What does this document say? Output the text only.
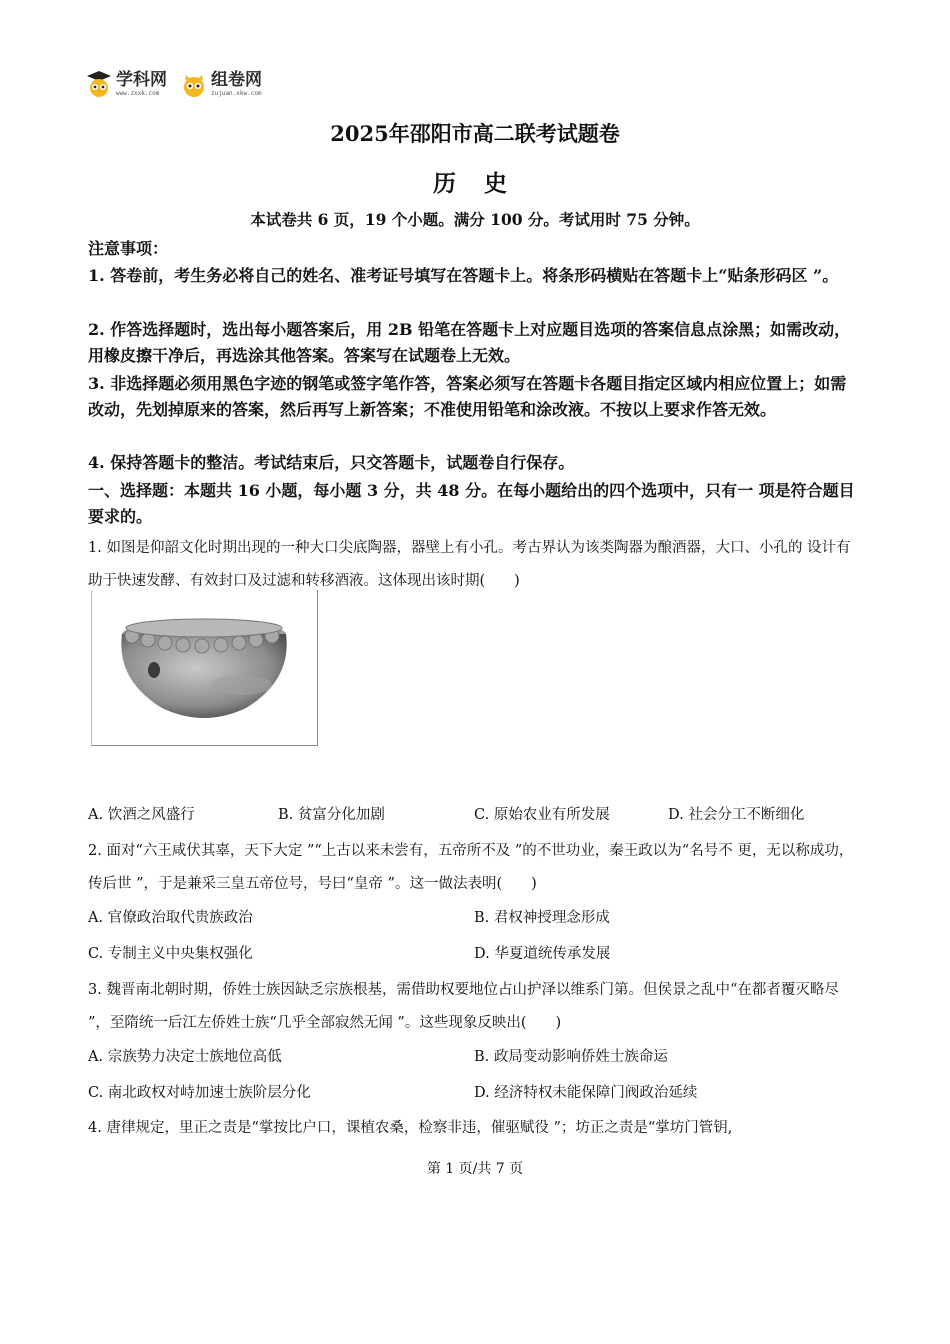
学科网
www.zxxk.com
组卷网
zujuan.xkw.com
2025年邵阳市高二联考试题卷
历 史
本试卷共 6 页，19 个小题。满分 100 分。考试用时 75 分钟。
注意事项：
1. 答卷前，考生务必将自己的姓名、准考证号填写在答题卡上。将条形码横贴在答题卡上“贴条形码区 ”。
2. 作答选择题时，选出每小题答案后，用 2B 铅笔在答题卡上对应题目选项的答案信息点涂黑；如需改动，用橡皮擦干净后，再选涂其他答案。答案写在试题卷上无效。
3. 非选择题必须用黑色字迹的钢笔或签字笔作答，答案必须写在答题卡各题目指定区域内相应位置上；如需改动，先划掉原来的答案，然后再写上新答案；不准使用铅笔和涂改液。不按以上要求作答无效。
4. 保持答题卡的整洁。考试结束后，只交答题卡，试题卷自行保存。
一、选择题：本题共 16 小题，每小题 3 分，共 48 分。在每小题给出的四个选项中，只有一 项是符合题目要求的。
1. 如图是仰韶文化时期出现的一种大口尖底陶器，器壁上有小孔。考古界认为该类陶器为酿酒器，大口、小孔的 设计有助于快速发酵、有效封口及过滤和转移酒液。这体现出该时期(　　)
A. 饮酒之风盛行	B. 贫富分化加剧	C. 原始农业有所发展	D. 社会分工不断细化
2. 面对“六王咸伏其辜，天下大定 ”“上古以来未尝有，五帝所不及 ”的不世功业，秦王政以为“名号不 更，无以称成功，传后世 ”，于是兼采三皇五帝位号，号曰“皇帝 ”。这一做法表明(　　)
A. 官僚政治取代贵族政治	B. 君权神授理念形成
C. 专制主义中央集权强化	D. 华夏道统传承发展
3. 魏晋南北朝时期，侨姓士族因缺乏宗族根基，需借助权要地位占山护泽以维系门第。但侯景之乱中“在都者覆灭略尽 ”，至隋统一后江左侨姓士族“几乎全部寂然无闻 ”。这些现象反映出(　　)
A. 宗族势力决定士族地位高低	B. 政局变动影响侨姓士族命运
C. 南北政权对峙加速士族阶层分化	D. 经济特权未能保障门阀政治延续
4. 唐律规定，里正之责是“掌按比户口，课植农桑，检察非违，催驱赋役 ”；坊正之责是“掌坊门管钥,
第 1 页/共 7 页
